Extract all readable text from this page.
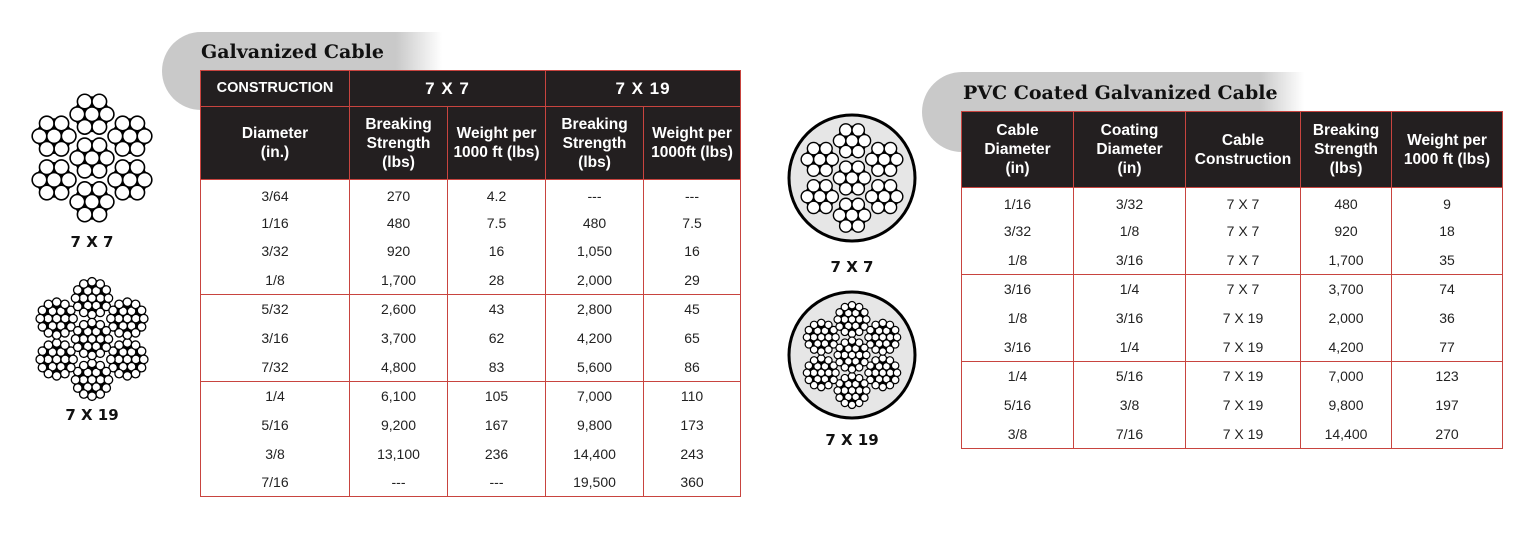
Galvanized Cable
CONSTRUCTION	7 X 7		7 X 19	
Diameter (in.)	Breaking Strength (lbs)	Weight per 1000 ft (lbs)	Breaking Strength (lbs)	Weight per 1000ft (lbs)
3/64	270	4.2	---	---
1/16	480	7.5	480	7.5
3/32	920	16	1,050	16
1/8	1,700	28	2,000	29
5/32	2,600	43	2,800	45
3/16	3,700	62	4,200	65
7/32	4,800	83	5,600	86
1/4	6,100	105	7,000	110
5/16	9,200	167	9,800	173
3/8	13,100	236	14,400	243
7/16	---	---	19,500	360
7 X 7
7 X 19
7 X 7
7 X 19
PVC Coated Galvanized Cable
Cable Diameter (in)	Coating Diameter (in)	Cable Construction	Breaking Strength (lbs)	Weight per 1000 ft (lbs)
1/16	3/32	7 X 7	480	9
3/32	1/8	7 X 7	920	18
1/8	3/16	7 X 7	1,700	35
3/16	1/4	7 X 7	3,700	74
1/8	3/16	7 X 19	2,000	36
3/16	1/4	7 X 19	4,200	77
1/4	5/16	7 X 19	7,000	123
5/16	3/8	7 X 19	9,800	197
3/8	7/16	7 X 19	14,400	270
